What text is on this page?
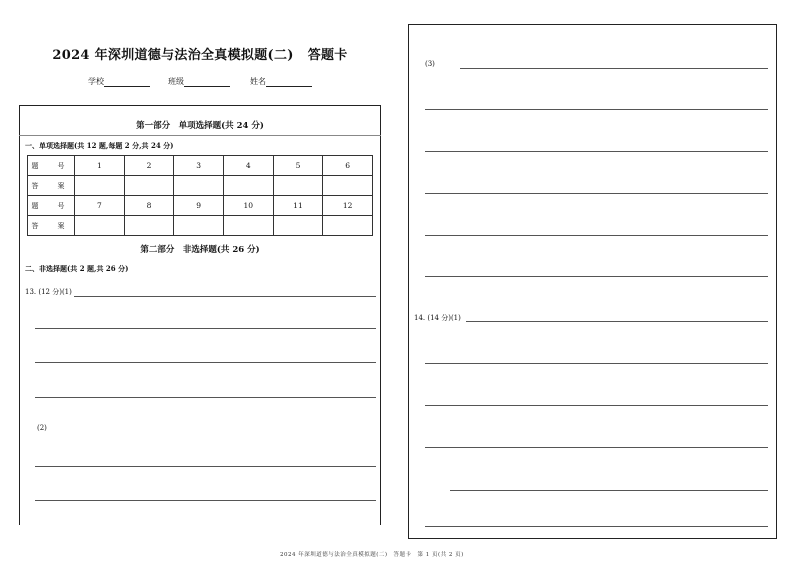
2024 年深圳道德与法治全真模拟题(二) 答题卡
学校	班级	姓名
第一部分　单项选择题(共 24 分)
一、单项选择题(共 12 题,每题 2 分,共 24 分)
题　号	1	2	3	4	5	6
答　案						
题　号	7	8	9	10	11	12
答　案						
第二部分　非选择题(共 26 分)
二、非选择题(共 2 题,共 26 分)
13. (12 分)(1)
(2)
(3)
14. (14 分)(1)
2024 年深圳道德与法治全真模拟题(二)　答题卡　第 1 页(共 2 页)
